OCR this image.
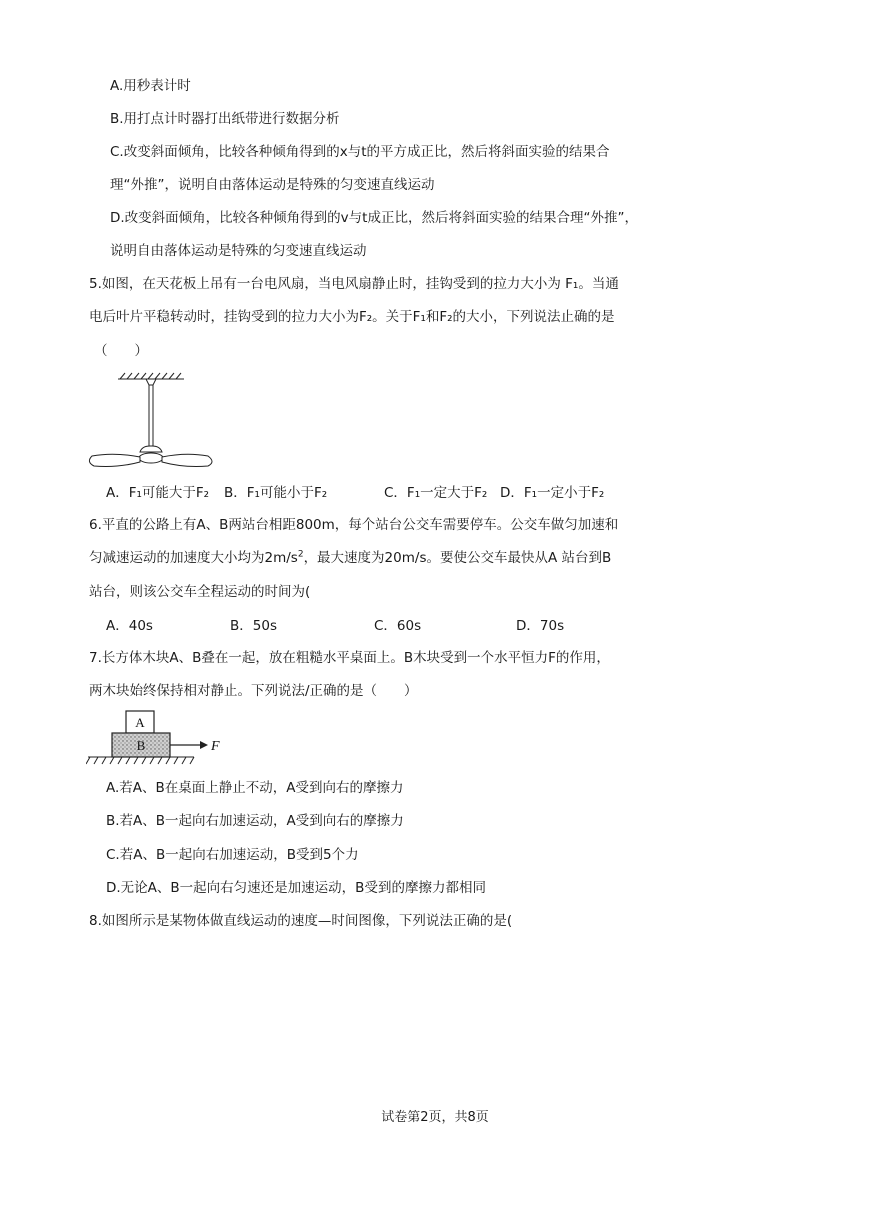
A.用秒表计时
B.用打点计时器打出纸带进行数据分析
C.改变斜面倾角，比较各种倾角得到的x与t的平方成正比，然后将斜面实验的结果合
理“外推”，说明自由落体运动是特殊的匀变速直线运动
D.改变斜面倾角，比较各种倾角得到的v与t成正比，然后将斜面实验的结果合理“外推”，
说明自由落体运动是特殊的匀变速直线运动
5.如图，在天花板上吊有一台电风扇，当电风扇静止时，挂钩受到的拉力大小为 F₁。当通
电后叶片平稳转动时，挂钩受到的拉力大小为F₂。关于F₁和F₂的大小，下列说法止确的是
（　　）
A．F₁可能大于F₂ B．F₁可能小于F₂	C．F₁一定大于F₂ D．F₁一定小于F₂
6.平直的公路上有A、B两站台相距800m，每个站台公交车需要停车。公交车做匀加速和
匀减速运动的加速度大小均为$2m/s^2$，最大速度为20m/s。要使公交车最快从A 站台到B
站台，则该公交车全程运动的时间为(
A．40s	B．50s	C．60s	D．70s
7.长方体木块A、B叠在一起，放在粗糙水平桌面上。B木块受到一个水平恒力F的作用，
两木块始终保持相对静止。下列说法/正确的是（　　）
A
B	F
A.若A、B在桌面上静止不动，A受到向右的摩擦力
B.若A、B一起向右加速运动，A受到向右的摩擦力
C.若A、B一起向右加速运动，B受到5个力
D.无论A、B一起向右匀速还是加速运动，B受到的摩擦力都相同
8.如图所示是某物体做直线运动的速度—时间图像，下列说法正确的是(
试卷第2页，共8页
